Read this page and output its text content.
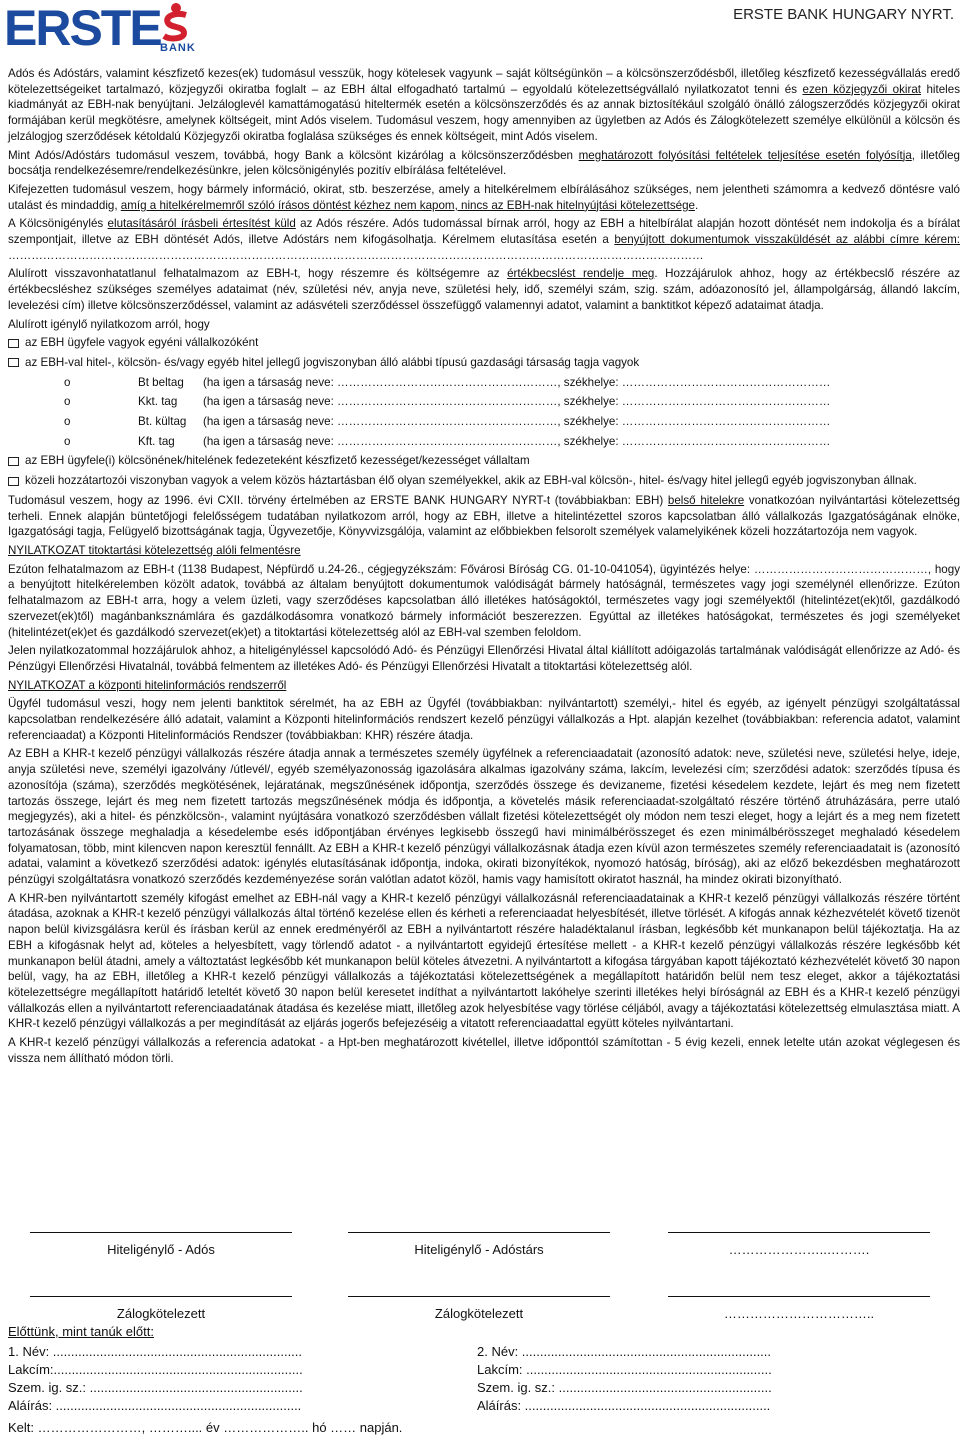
ERSTE BANK
ERSTE BANK HUNGARY NYRT.

Adós és Adóstárs, valamint készfizető kezes(ek) tudomásul vesszük, hogy kötelesek vagyunk – saját költségünkön – a kölcsönszerződésből, illetőleg készfizető kezességvállalás eredő kötelezettségeiket tartalmazó, közjegyzői okiratba foglalt – az EBH által elfogadható tartalmú – egyoldalú kötelezettségvállaló nyilatkozatot tenni és ezen közjegyzői okirat hiteles kiadmányát az EBH-nak benyújtani. Jelzáloglevél kamattámogatású hiteltermék esetén a kölcsönszerződés és az annak biztosítékául szolgáló önálló zálogszerződés közjegyzői okirat formájában kerül megkötésre, amelynek költségeit, mint Adós viselem. Tudomásul veszem, hogy amennyiben az ügyletben az Adós és Zálogkötelezett személye elkülönül a kölcsön és jelzálogjog szerződések kétoldalú Közjegyzői okiratba foglalása szükséges és ennek költségeit, mint Adós viselem.

Mint Adós/Adóstárs tudomásul veszem, továbbá, hogy Bank a kölcsönt kizárólag a kölcsönszerződésben meghatározott folyósítási feltételek teljesítése esetén folyósítja, illetőleg bocsátja rendelkezésemre/rendelkezésünkre, jelen kölcsönigénylés pozitív elbírálása feltételével.

Kifejezetten tudomásul veszem, hogy bármely információ, okirat, stb. beszerzése, amely a hitelkérelmem elbírálásához szükséges, nem jelentheti számomra a kedvező döntésre való utalást és mindaddig, amíg a hitelkérelmemről szóló írásos döntést kézhez nem kapom, nincs az EBH-nak hitelnyújtási kötelezettsége.

A Kölcsönigénylés elutasításáról írásbeli értesítést küld az Adós részére. Adós tudomással bírnak arról, hogy az EBH a hitelbírálat alapján hozott döntését nem indokolja és a bírálat szempontjait, illetve az EBH döntését Adós, illetve Adóstárs nem kifogásolhatja. Kérelmem elutasítása esetén a benyújtott dokumentumok visszaküldését az alábbi címre kérem: ………………………………………………………………………………………………………………………………………………………………

Alulírott visszavonhatatlanul felhatalmazom az EBH-t, hogy részemre és költségemre az értékbecslést rendelje meg. Hozzájárulok ahhoz, hogy az értékbecslő részére az értékbecsléshez szükséges személyes adataimat (név, születési név, anyja neve, születési hely, idő, személyi szám, szig. szám, adóazonosító jel, állampolgárság, állandó lakcím, levelezési cím) illetve kölcsönszerződéssel, valamint az adásvételi szerződéssel összefüggő valamennyi adatot, valamint a banktitkot képező adataimat átadja.

Alulírott igénylő nyilatkozom arról, hogy

az EBH ügyfele vagyok egyéni vállalkozóként
az EBH-val hitel-, kölcsön- és/vagy egyéb hitel jellegű jogviszonyban álló alábbi típusú gazdasági társaság tagja vagyok
o	Bt beltag	(ha igen a társaság neve: …………………………………………………, székhelye: ………………………………………………
o	Kkt. tag	(ha igen a társaság neve: …………………………………………………, székhelye: ………………………………………………
o	Bt. kültag	(ha igen a társaság neve: …………………………………………………, székhelye: ………………………………………………
o	Kft. tag	(ha igen a társaság neve: …………………………………………………, székhelye: ………………………………………………
az EBH ügyfele(i) kölcsönének/hitelének fedezeteként készfizető kezességet/kezességet vállaltam
közeli hozzátartozói viszonyban vagyok a velem közös háztartásban élő olyan személyekkel, akik az EBH-val kölcsön-, hitel- és/vagy hitel jellegű egyéb jogviszonyban állnak.

Tudomásul veszem, hogy az 1996. évi CXII. törvény értelmében az ERSTE BANK HUNGARY NYRT-t (továbbiakban: EBH) belső hitelekre vonatkozóan nyilvántartási kötelezettség terheli. Ennek alapján büntetőjogi felelősségem tudatában nyilatkozom arról, hogy az EBH, illetve a hitelintézettel szoros kapcsolatban álló vállalkozás Igazgatóságának elnöke, Igazgatósági tagja, Felügyelő bizottságának tagja, Ügyvezetője, Könyvvizsgálója, valamint az előbbiekben felsorolt személyek valamelyikének közeli hozzátartozója nem vagyok.

NYILATKOZAT titoktartási kötelezettség alóli felmentésre

Ezúton felhatalmazom az EBH-t (1138 Budapest, Népfürdő u.24-26., cégjegyzékszám: Fővárosi Bíróság CG. 01-10-041054), ügyintézés helye: ………………………………………, hogy a benyújtott hitelkérelemben közölt adatok, továbbá az általam benyújtott dokumentumok valódiságát bármely hatóságnál, természetes vagy jogi személynél ellenőrizze. Ezúton felhatalmazom az EBH-t arra, hogy a velem üzleti, vagy szerződéses kapcsolatban álló illetékes hatóságoktól, természetes vagy jogi személyektől (hitelintézet(ek)től, gazdálkodó szervezet(ek)től) magánbanksznámlára és gazdálkodásomra vonatkozó bármely információt beszerezzen. Egyúttal az illetékes hatóságokat, természetes és jogi személyeket (hitelintézet(ek)et és gazdálkodó szervezet(ek)et) a titoktartási kötelezettség alól az EBH-val szemben feloldom.

Jelen nyilatkozatommal hozzájárulok ahhoz, a hiteligényléssel kapcsolódó Adó- és Pénzügyi Ellenőrzési Hivatal által kiállított adóigazolás tartalmának valódiságát ellenőrizze az Adó- és Pénzügyi Ellenőrzési Hivatalnál, továbbá felmentem az illetékes Adó- és Pénzügyi Ellenőrzési Hivatalt a titoktartási kötelezettség alól.

NYILATKOZAT a központi hitelinformációs rendszerről

Ügyfél tudomásul veszi, hogy nem jelenti banktitok sérelmét, ha az EBH az Ügyfél (továbbiakban: nyilvántartott) személyi,- hitel és egyéb, az igényelt pénzügyi szolgáltatással kapcsolatban rendelkezésére álló adatait, valamint a Központi hitelinformációs rendszert kezelő pénzügyi vállalkozás a Hpt. alapján kezelhet (továbbiakban: referencia adatot, valamint referenciaadat) a Központi Hitelinformációs Rendszer (továbbiakban: KHR) részére átadja.

Az EBH a KHR-t kezelő pénzügyi vállalkozás részére átadja annak a természetes személy ügyfélnek a referenciaadatait (azonosító adatok: neve, születési neve, születési helye, ideje, anyja születési neve, személyi igazolvány /útlevél/, egyéb személyazonosság igazolására alkalmas igazolvány száma, lakcím, levelezési cím; szerződési adatok: szerződés típusa és azonosítója (száma), szerződés megkötésének, lejáratának, megszűnésének időpontja, szerződés összege és devizaneme, fizetési késedelem kezdete, lejárt és meg nem fizetett tartozás összege, lejárt és meg nem fizetett tartozás megszűnésének módja és időpontja, a követelés másik referenciaadat-szolgáltató részére történő átruházására, perre utaló megjegyzés), aki a hitel- és pénzkölcsön-, valamint nyújtására vonatkozó szerződésben vállalt fizetési kötelezettségét oly módon nem teszi eleget, hogy a lejárt és a meg nem fizetett tartozásának összege meghaladja a késedelembe esés időpontjában érvényes legkisebb összegű havi minimálbérösszeget és ezen minimálbérösszeget meghaladó késedelem folyamatosan, több, mint kilencven napon keresztül fennállt. Az EBH a KHR-t kezelő pénzügyi vállalkozásnak átadja ezen kívül azon természetes személy referenciaadatait is (azonosító adatai, valamint a következő szerződési adatok: igénylés elutasításának időpontja, indoka, okirati bizonyítékok, nyomozó hatóság, bíróság), aki az előző bekezdésben meghatározott pénzügyi szolgáltatásra vonatkozó szerződés kezdeményezése során valótlan adatot közöl, hamis vagy hamisított okiratot használ, ha mindez okirati bizonyítható.

A KHR-ben nyilvántartott személy kifogást emelhet az EBH-nál vagy a KHR-t kezelő pénzügyi vállalkozásnál referenciaadatainak a KHR-t kezelő pénzügyi vállalkozás részére történt átadása, azoknak a KHR-t kezelő pénzügyi vállalkozás által történő kezelése ellen és kérheti a referenciaadat helyesbítését, illetve törlését. A kifogás annak kézhezvételét követő tizenöt napon belül kivizsgálásra kerül és írásban kerül az ennek eredményéről az EBH a nyilvántartott részére haladéktalanul írásban, legkésőbb két munkanapon belül tájékoztatja. Ha az EBH a kifogásnak helyt ad, köteles a helyesbített, vagy törlendő adatot - a nyilvántartott egyidejű értesítése mellett - a KHR-t kezelő pénzügyi vállalkozás részére legkésőbb két munkanapon belül átadni, amely a változtatást legkésőbb két munkanapon belül köteles átvezetni. A nyilvántartott a kifogása tárgyában kapott tájékoztató kézhezvételét követő 30 napon belül, vagy, ha az EBH, illetőleg a KHR-t kezelő pénzügyi vállalkozás a tájékoztatási kötelezettségének a megállapított határidőn belül nem tesz eleget, akkor a tájékoztatási kötelezettségre megállapított határidő leteltét követő 30 napon belül keresetet indíthat a nyilvántartott lakóhelye szerinti illetékes helyi bíróságnál az EBH és a KHR-t kezelő pénzügyi vállalkozás ellen a nyilvántartott referenciaadatának átadása és kezelése miatt, illetőleg azok helyesbítése vagy törlése céljából, avagy a tájékoztatási kötelezettség elmulasztása miatt. A KHR-t kezelő pénzügyi vállalkozás a per megindítását az eljárás jogerős befejezéséig a vitatott referenciaadattal együtt köteles nyilvántartani.

A KHR-t kezelő pénzügyi vállalkozás a referencia adatokat - a Hpt-ben meghatározott kivétellel, illetve időponttól számítottan - 5 évig kezeli, ennek letelte után azokat véglegesen és vissza nem állítható módon törli.

Hiteligénylő - Adós	Hiteligénylő - Adóstárs	…………………..……….
Zálogkötelezett	Zálogkötelezett	……………………………..
Előttünk, mint tanúk előtt:
1. Név: .....................................................................
Lakcím:.....................................................................
Szem. ig. sz.: ...........................................................
Aláírás: ....................................................................
2. Név: .....................................................................
Lakcím: ....................................................................
Szem. ig. sz.: ...........................................................
Aláírás: ....................................................................
Kelt: ……………………, ……….... év ……………….. hó …… napján.
